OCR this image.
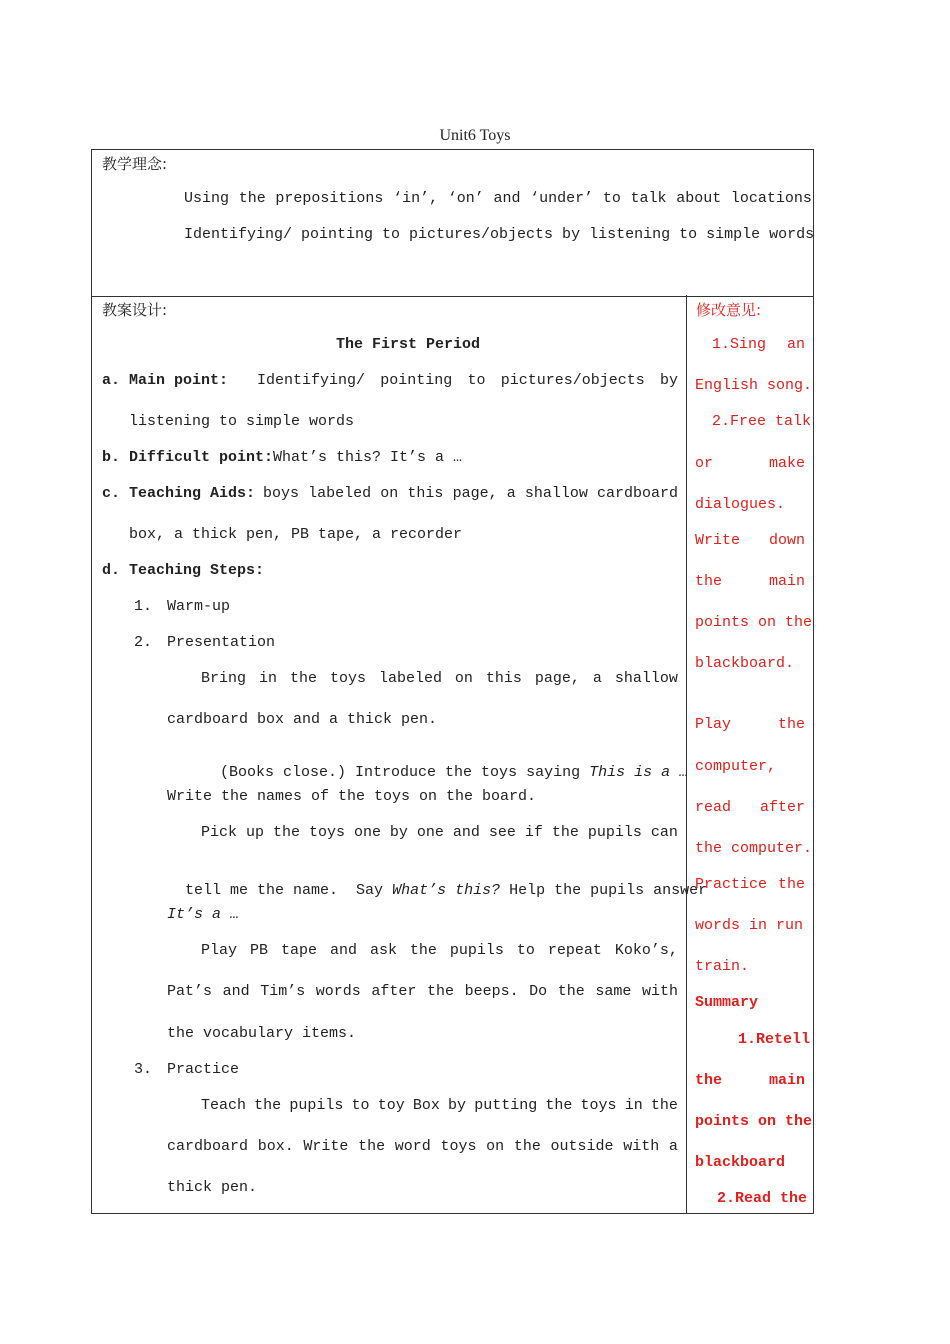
Unit6 Toys
教学理念:
Using the prepositions ‘in’, ‘on’ and ‘under’ to talk about locations
Identifying/ pointing to pictures/objects by listening to simple words
教案设计:
The First Period
a. Main point: Identifying/ pointing to pictures/objects by
listening to simple words
b. Difficult point:What’s this? It’s a …
c. Teaching Aids: boys labeled on this page, a shallow cardboard
box, a thick pen, PB tape, a recorder
d. Teaching Steps:
1. Warm-up
2. Presentation
Bring in the toys labeled on this page, a shallow
cardboard box and a thick pen.

(Books close.) Introduce the toys saying This is a …

Write the names of the toys on the board.
Pick up the toys one by one and see if the pupils can

tell me the name.  Say What’s this? Help the pupils answer

It’s a …
Play PB tape and ask the pupils to repeat Koko’s,
Pat’s and Tim’s words after the beeps. Do the same with
the vocabulary items.
3. Practice
Teach the pupils to toy Box by putting the toys in the
cardboard box. Write the word toys on the outside with a
thick pen.
修改意见:
1.Sing an
English song.
2.Free talk
or	make
dialogues.
Write down
the	main
points on the
blackboard.
Play	the
computer,
read after
the computer.
Practice the
words in run
train.
Summary
1.Retell
the	main
points on the
blackboard
2.Read the
